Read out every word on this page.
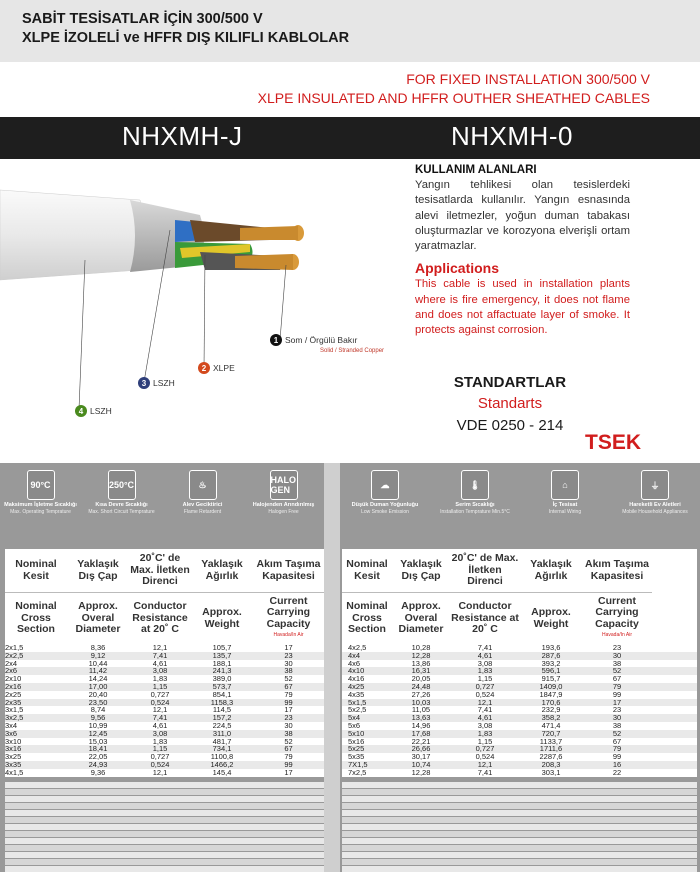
SABİT TESİSATLAR İÇİN 300/500 V
XLPE İZOLELİ ve HFFR DIŞ KILIFLI KABLOLAR
FOR FIXED INSTALLATION 300/500 V
XLPE INSULATED AND HFFR OUTHER SHEATHED CABLES
NHXMH-J	NHXMH-0
1 Som / Örgülü Bakır
Solid / Stranded Copper
2 XLPE
3 LSZH
4 LSZH
KULLANIM ALANLARI

Yangın tehlikesi olan tesislerdeki tesisatlarda kullanılır. Yangın esnasında alevi iletmezler, yoğun duman tabakası oluşturmazlar ve korozyona elverişli ortam yaratmazlar.

Applications

This cable is used in installation plants where is fire emergency, it does not flame and does not affactuate layer of smoke. It protects against corrosion.

STANDARTLAR
Standarts
VDE 0250 - 214
TSEK
90°C
Maksimum İşletme Sıcaklığı
Max. Operating Temprature
250°C
Kısa Devre Sıcaklığı
Max. Short Circuit Temprature
♨
Alev Geciktirici
Flame Retardent
HALO GEN
Halojenden Arındırılmış
Halogen Free
☁
Düşük Duman Yoğunluğu
Low Smoke Emission
🌡
Serim Sıcaklığı
Installation Temprature Min.5°C
⌂
İç Tesisat
Internal Wiring
⏚
Hareketli Ev Aletleri
Mobile Household Appliances
Nominal Kesit
Yaklaşık Dış Çap
20˚C' de Max. İletken Direnci
Yaklaşık Ağırlık
Akım Taşıma Kapasitesi
Nominal Cross Section
Approx. Overal Diameter
Conductor Resistance at 20˚ C
Approx. Weight
Current Carrying Capacity
Havada/In Air
2x1,5	8,36	12,1	105,7	17
2x2,5	9,12	7,41	135,7	23
2x4	10,44	4,61	188,1	30
2x6	11,42	3,08	241,3	38
2x10	14,24	1,83	389,0	52
2x16	17,00	1,15	573,7	67
2x25	20,40	0,727	854,1	79
2x35	23,50	0,524	1158,3	99
3x1,5	8,74	12,1	114,5	17
3x2,5	9,56	7,41	157,2	23
3x4	10,99	4,61	224,5	30
3x6	12,45	3,08	311,0	38
3x10	15,03	1,83	481,7	52
3x16	18,41	1,15	734,1	67
3x25	22,05	0,727	1100,8	79
3x35	24,93	0,524	1466,2	99
4x1,5	9,36	12,1	145,4	17
Nominal Kesit
Yaklaşık Dış Çap
20˚C' de Max. İletken Direnci
Yaklaşık Ağırlık
Akım Taşıma Kapasitesi
Nominal Cross Section
Approx. Overal Diameter
Conductor Resistance at 20˚ C
Approx. Weight
Current Carrying Capacity
Havada/In Air
4x2,5	10,28	7,41	193,6	23
4x4	12,28	4,61	287,6	30
4x6	13,86	3,08	393,2	38
4x10	16,31	1,83	596,1	52
4x16	20,05	1,15	915,7	67
4x25	24,48	0,727	1409,0	79
4x35	27,26	0,524	1847,9	99
5x1,5	10,03	12,1	170,6	17
5x2,5	11,05	7,41	232,9	23
5x4	13,63	4,61	358,2	30
5x6	14,96	3,08	471,4	38
5x10	17,68	1,83	720,7	52
5x16	22,21	1,15	1133,7	67
5x25	26,66	0,727	1711,6	79
5x35	30,17	0,524	2287,6	99
7X1,5	10,74	12,1	208,3	16
7x2,5	12,28	7,41	303,1	22
